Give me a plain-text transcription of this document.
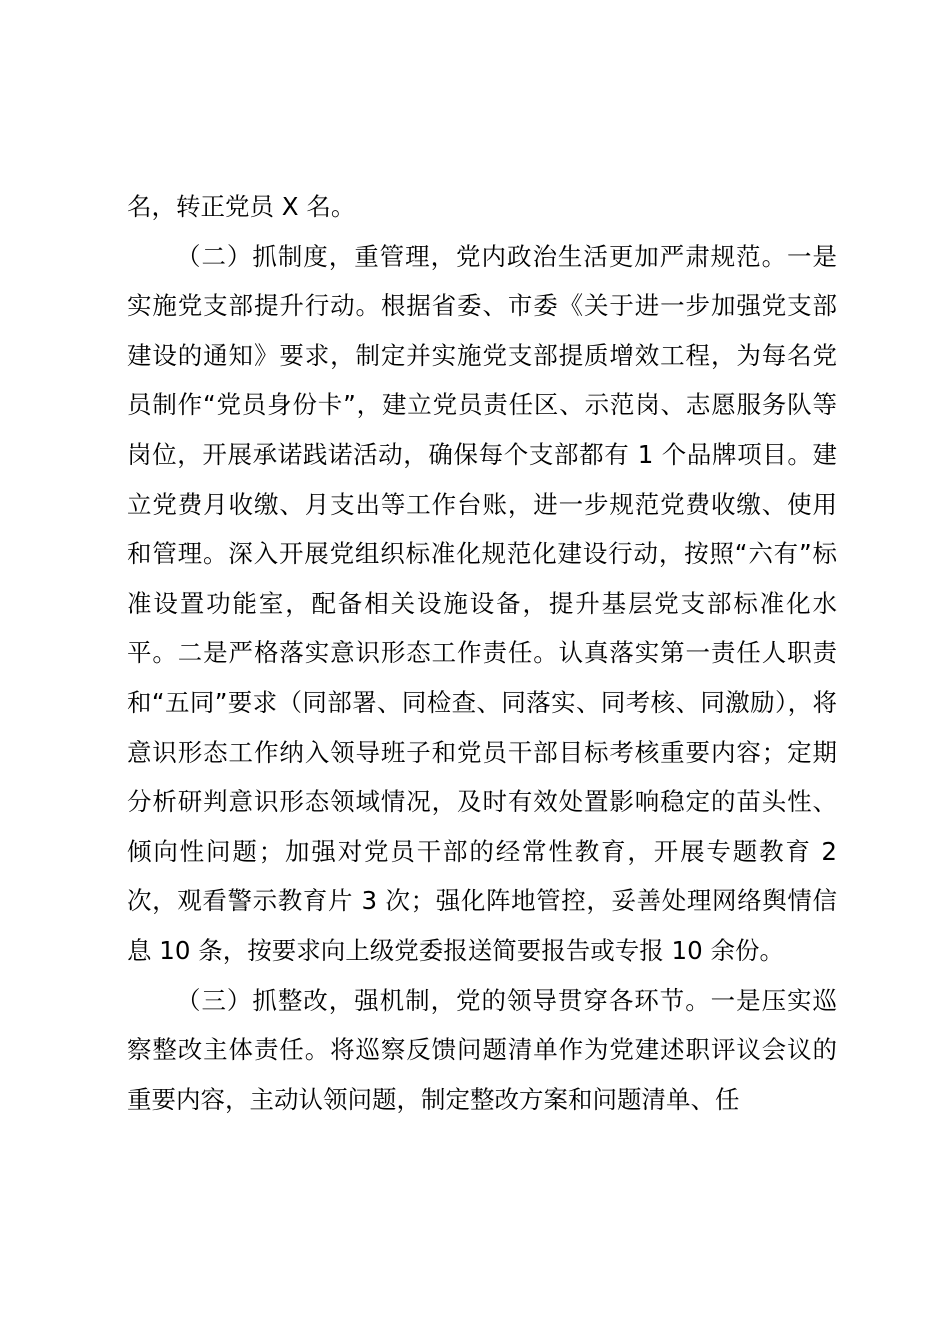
名，转正党员 X 名。

（二）抓制度，重管理，党内政治生活更加严肃规范。一是实施党支部提升行动。根据省委、市委《关于进一步加强党支部建设的通知》要求，制定并实施党支部提质增效工程，为每名党员制作“党员身份卡”，建立党员责任区、示范岗、志愿服务队等岗位，开展承诺践诺活动，确保每个支部都有 1 个品牌项目。建立党费月收缴、月支出等工作台账，进一步规范党费收缴、使用和管理。深入开展党组织标准化规范化建设行动，按照“六有”标准设置功能室，配备相关设施设备，提升基层党支部标准化水平。二是严格落实意识形态工作责任。认真落实第一责任人职责和“五同”要求（同部署、同检查、同落实、同考核、同激励），将意识形态工作纳入领导班子和党员干部目标考核重要内容；定期分析研判意识形态领域情况，及时有效处置影响稳定的苗头性、倾向性问题；加强对党员干部的经常性教育，开展专题教育 2 次，观看警示教育片 3 次；强化阵地管控，妥善处理网络舆情信息 10 条，按要求向上级党委报送简要报告或专报 10 余份。

（三）抓整改，强机制，党的领导贯穿各环节。一是压实巡察整改主体责任。将巡察反馈问题清单作为党建述职评议会议的重要内容，主动认领问题，制定整改方案和问题清单、任
